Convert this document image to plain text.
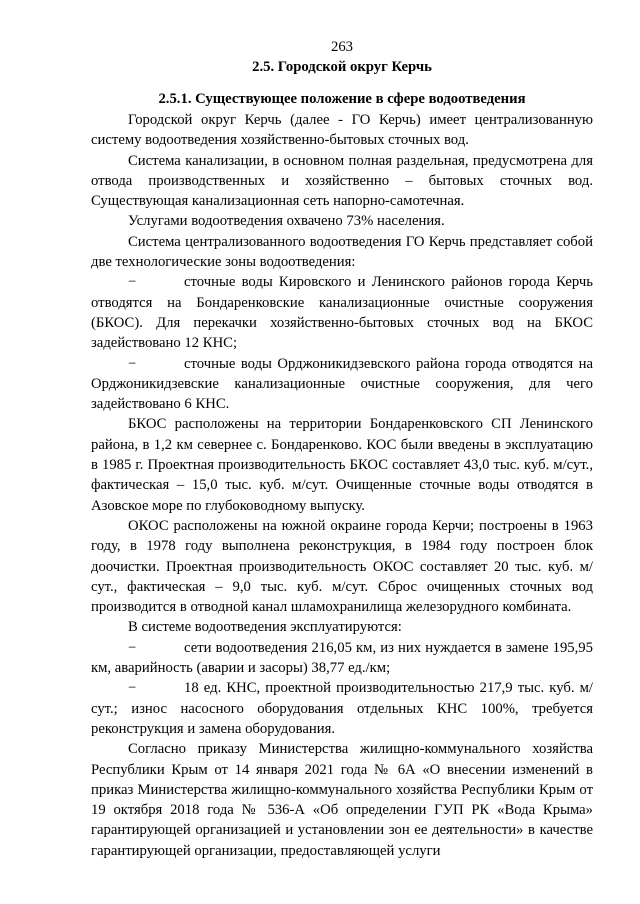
263
2.5. Городской округ Керчь
2.5.1. Существующее положение в сфере водоотведения

Городской округ Керчь (далее - ГО Керчь) имеет централизованную систему водоотведения хозяйственно-бытовых сточных вод.

Система канализации, в основном полная раздельная, предусмотрена для отвода производственных и хозяйственно – бытовых сточных вод. Существующая канализационная сеть напорно-самотечная.

Услугами водоотведения охвачено 73% населения.

Система централизованного водоотведения ГО Керчь представляет собой две технологические зоны водоотведения:

−	сточные воды Кировского и Ленинского районов города Керчь отводятся на Бондаренковские канализационные очистные сооружения (БКОС). Для перекачки хозяйственно-бытовых сточных вод на БКОС задействовано 12 КНС;

−	сточные воды Орджоникидзевского района города отводятся на Орджоникидзевские канализационные очистные сооружения, для чего задействовано 6 КНС.

БКОС расположены на территории Бондаренковского СП Ленинского района, в 1,2 км севернее с. Бондаренково. КОС были введены в эксплуатацию в 1985 г. Проектная производительность БКОС составляет 43,0 тыс. куб. м/сут., фактическая – 15,0 тыс. куб. м/сут. Очищенные сточные воды отводятся в Азовское море по глубоководному выпуску.

ОКОС расположены на южной окраине города Керчи; построены в 1963 году, в 1978 году выполнена реконструкция, в 1984 году построен блок доочистки. Проектная производительность ОКОС составляет 20 тыс. куб. м/сут., фактическая – 9,0 тыс. куб. м/сут. Сброс очищенных сточных вод производится в отводной канал шламохранилища железорудного комбината.

В системе водоотведения эксплуатируются:

−	сети водоотведения 216,05 км, из них нуждается в замене 195,95 км, аварийность (аварии и засоры) 38,77 ед./км;

−	18 ед. КНС, проектной производительностью 217,9 тыс. куб. м/сут.; износ насосного оборудования отдельных КНС 100%, требуется реконструкция и замена оборудования.

Согласно приказу Министерства жилищно-коммунального хозяйства Республики Крым от 14 января 2021 года № 6А «О внесении изменений в приказ Министерства жилищно-коммунального хозяйства Республики Крым от 19 октября 2018 года № 536-А «Об определении ГУП РК «Вода Крыма» гарантирующей организацией и установлении зон ее деятельности» в качестве гарантирующей организации, предоставляющей услуги
